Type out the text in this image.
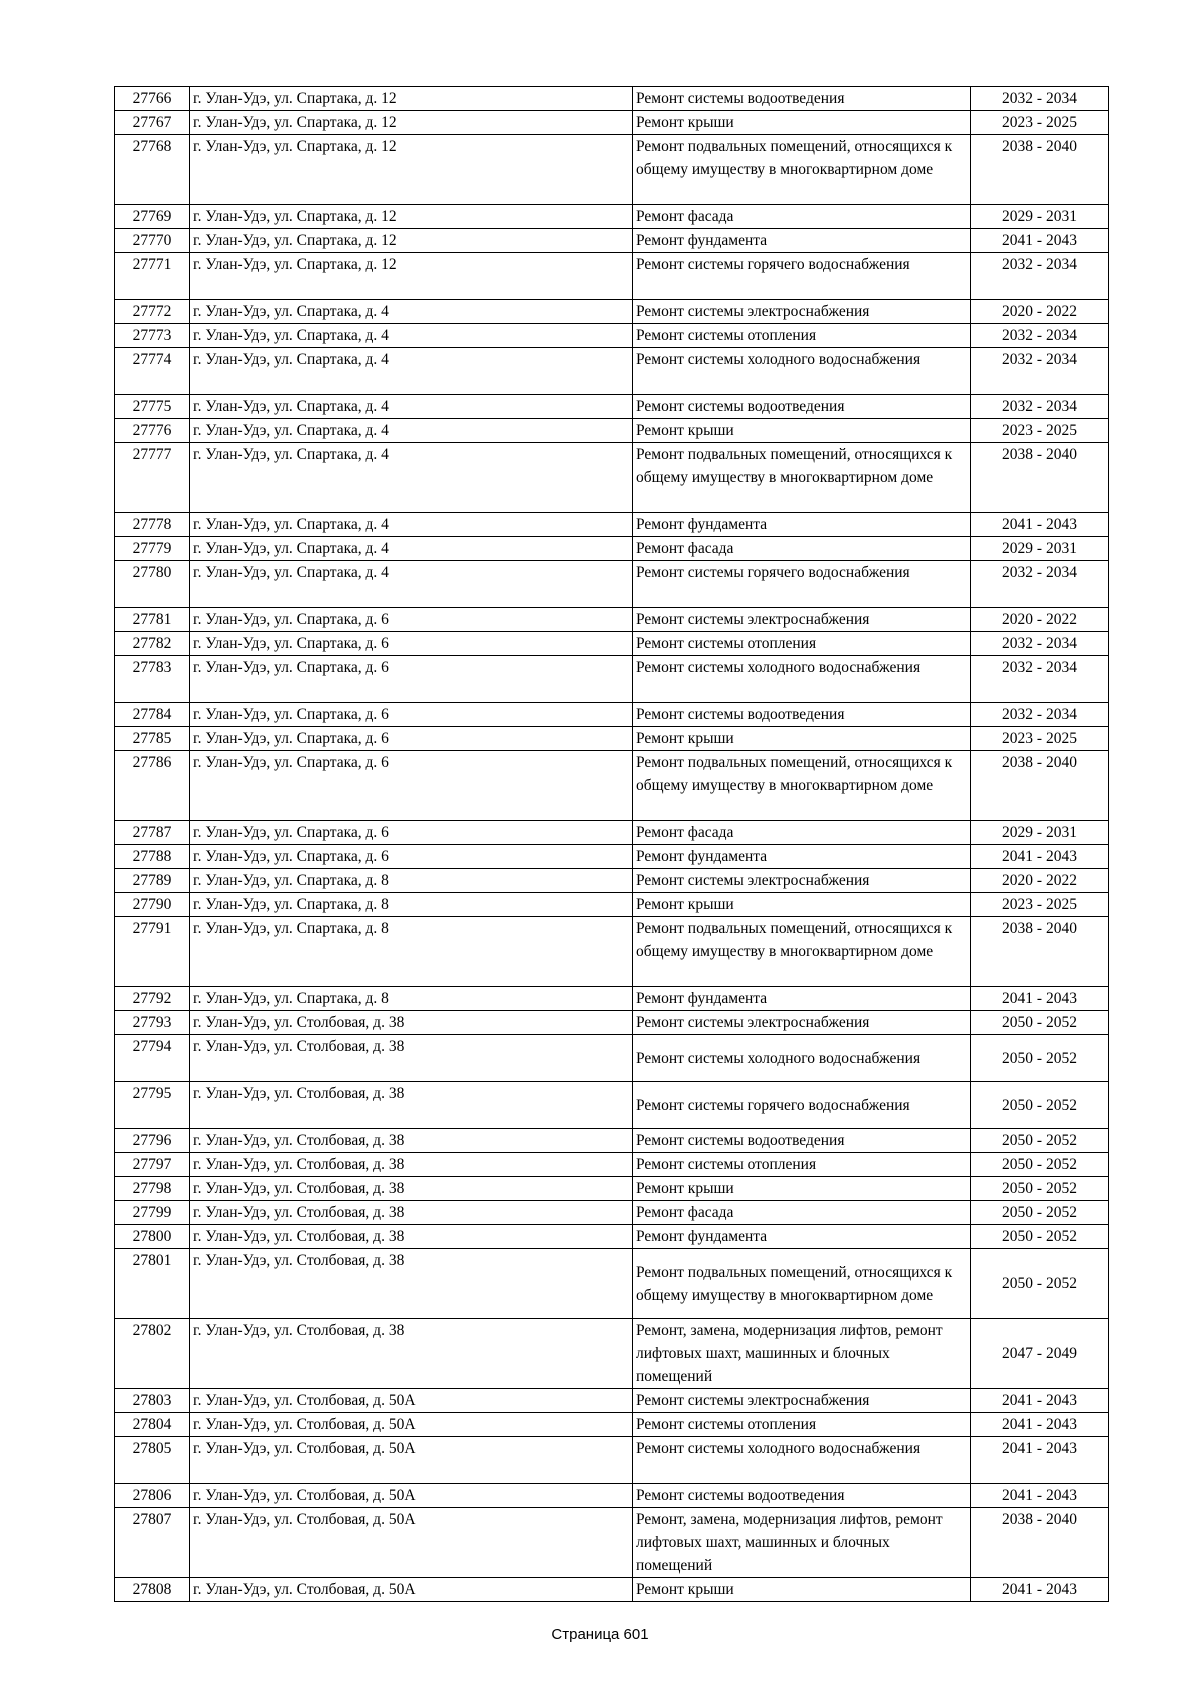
27766	г. Улан-Удэ, ул. Спартака, д. 12	Ремонт системы водоотведения	2032 - 2034
27767	г. Улан-Удэ, ул. Спартака, д. 12	Ремонт крыши	2023 - 2025
27768	г. Улан-Удэ, ул. Спартака, д. 12	Ремонт подвальных помещений, относящихся к общему имуществу в многоквартирном доме	2038 - 2040
27769	г. Улан-Удэ, ул. Спартака, д. 12	Ремонт фасада	2029 - 2031
27770	г. Улан-Удэ, ул. Спартака, д. 12	Ремонт фундамента	2041 - 2043
27771	г. Улан-Удэ, ул. Спартака, д. 12	Ремонт системы горячего водоснабжения	2032 - 2034
27772	г. Улан-Удэ, ул. Спартака, д. 4	Ремонт системы электроснабжения	2020 - 2022
27773	г. Улан-Удэ, ул. Спартака, д. 4	Ремонт системы отопления	2032 - 2034
27774	г. Улан-Удэ, ул. Спартака, д. 4	Ремонт системы холодного водоснабжения	2032 - 2034
27775	г. Улан-Удэ, ул. Спартака, д. 4	Ремонт системы водоотведения	2032 - 2034
27776	г. Улан-Удэ, ул. Спартака, д. 4	Ремонт крыши	2023 - 2025
27777	г. Улан-Удэ, ул. Спартака, д. 4	Ремонт подвальных помещений, относящихся к общему имуществу в многоквартирном доме	2038 - 2040
27778	г. Улан-Удэ, ул. Спартака, д. 4	Ремонт фундамента	2041 - 2043
27779	г. Улан-Удэ, ул. Спартака, д. 4	Ремонт фасада	2029 - 2031
27780	г. Улан-Удэ, ул. Спартака, д. 4	Ремонт системы горячего водоснабжения	2032 - 2034
27781	г. Улан-Удэ, ул. Спартака, д. 6	Ремонт системы электроснабжения	2020 - 2022
27782	г. Улан-Удэ, ул. Спартака, д. 6	Ремонт системы отопления	2032 - 2034
27783	г. Улан-Удэ, ул. Спартака, д. 6	Ремонт системы холодного водоснабжения	2032 - 2034
27784	г. Улан-Удэ, ул. Спартака, д. 6	Ремонт системы водоотведения	2032 - 2034
27785	г. Улан-Удэ, ул. Спартака, д. 6	Ремонт крыши	2023 - 2025
27786	г. Улан-Удэ, ул. Спартака, д. 6	Ремонт подвальных помещений, относящихся к общему имуществу в многоквартирном доме	2038 - 2040
27787	г. Улан-Удэ, ул. Спартака, д. 6	Ремонт фасада	2029 - 2031
27788	г. Улан-Удэ, ул. Спартака, д. 6	Ремонт фундамента	2041 - 2043
27789	г. Улан-Удэ, ул. Спартака, д. 8	Ремонт системы электроснабжения	2020 - 2022
27790	г. Улан-Удэ, ул. Спартака, д. 8	Ремонт крыши	2023 - 2025
27791	г. Улан-Удэ, ул. Спартака, д. 8	Ремонт подвальных помещений, относящихся к общему имуществу в многоквартирном доме	2038 - 2040
27792	г. Улан-Удэ, ул. Спартака, д. 8	Ремонт фундамента	2041 - 2043
27793	г. Улан-Удэ, ул. Столбовая, д. 38	Ремонт системы электроснабжения	2050 - 2052
27794	г. Улан-Удэ, ул. Столбовая, д. 38	Ремонт системы холодного водоснабжения	2050 - 2052
27795	г. Улан-Удэ, ул. Столбовая, д. 38	Ремонт системы горячего водоснабжения	2050 - 2052
27796	г. Улан-Удэ, ул. Столбовая, д. 38	Ремонт системы водоотведения	2050 - 2052
27797	г. Улан-Удэ, ул. Столбовая, д. 38	Ремонт системы отопления	2050 - 2052
27798	г. Улан-Удэ, ул. Столбовая, д. 38	Ремонт крыши	2050 - 2052
27799	г. Улан-Удэ, ул. Столбовая, д. 38	Ремонт фасада	2050 - 2052
27800	г. Улан-Удэ, ул. Столбовая, д. 38	Ремонт фундамента	2050 - 2052
27801	г. Улан-Удэ, ул. Столбовая, д. 38	Ремонт подвальных помещений, относящихся к общему имуществу в многоквартирном доме	2050 - 2052
27802	г. Улан-Удэ, ул. Столбовая, д. 38	Ремонт, замена, модернизация лифтов, ремонт лифтовых шахт, машинных и блочных помещений	2047 - 2049
27803	г. Улан-Удэ, ул. Столбовая, д. 50А	Ремонт системы электроснабжения	2041 - 2043
27804	г. Улан-Удэ, ул. Столбовая, д. 50А	Ремонт системы отопления	2041 - 2043
27805	г. Улан-Удэ, ул. Столбовая, д. 50А	Ремонт системы холодного водоснабжения	2041 - 2043
27806	г. Улан-Удэ, ул. Столбовая, д. 50А	Ремонт системы водоотведения	2041 - 2043
27807	г. Улан-Удэ, ул. Столбовая, д. 50А	Ремонт, замена, модернизация лифтов, ремонт лифтовых шахт, машинных и блочных помещений	2038 - 2040
27808	г. Улан-Удэ, ул. Столбовая, д. 50А	Ремонт крыши	2041 - 2043
Страница 601
